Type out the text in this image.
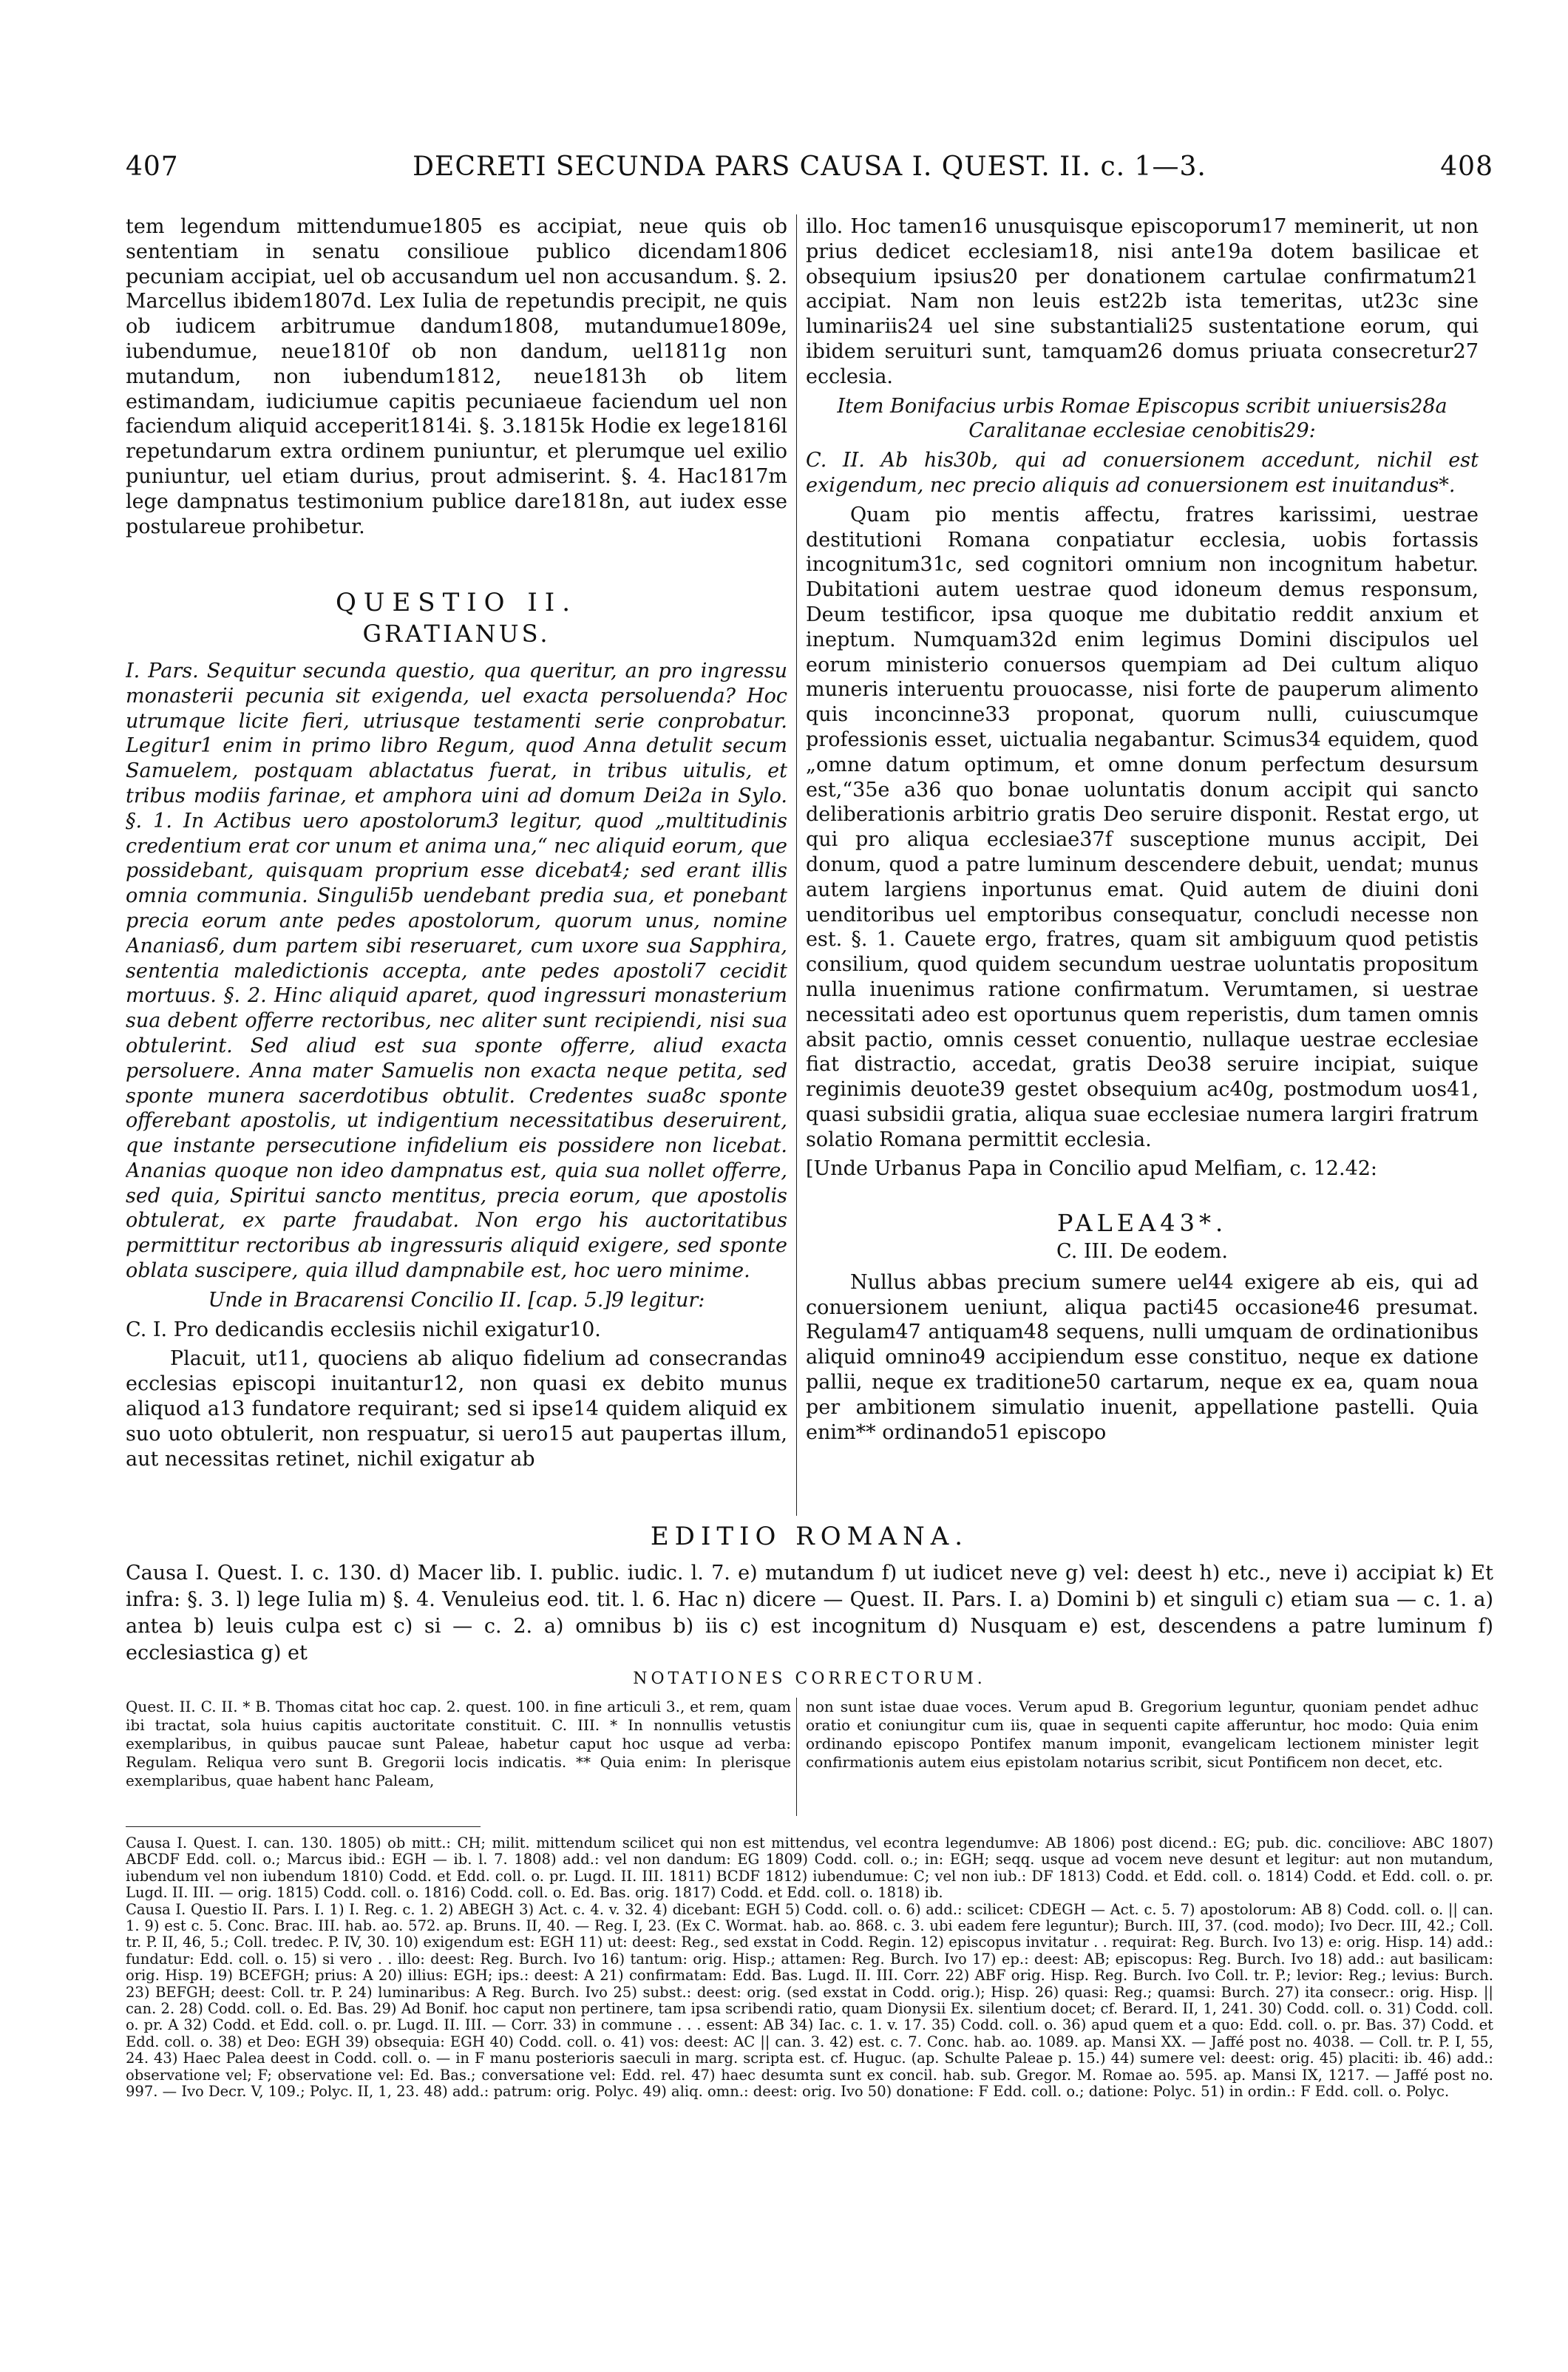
407	DECRETI SECUNDA PARS CAUSA I. QUEST. II. c. 1—3.	408

tem legendum mittendumue1805 es accipiat, neue quis ob sententiam in senatu consilioue publico dicendam1806 pecuniam accipiat, uel ob accusandum uel non accusandum. §. 2. Marcellus ibidem1807d. Lex Iulia de repetundis precipit, ne quis ob iudicem arbitrumue dandum1808, mutandumue1809e, iubendumue, neue1810f ob non dandum, uel1811g non mutandum, non iubendum1812, neue1813h ob litem estimandam, iudiciumue capitis pecuniaeue faciendum uel non faciendum aliquid acceperit1814i. §. 3.1815k Hodie ex lege1816l repetundarum extra ordinem puniuntur, et plerumque uel exilio puniuntur, uel etiam durius, prout admiserint. §. 4. Hac1817m lege dampnatus testimonium publice dare1818n, aut iudex esse postulareue prohibetur.

QUESTIO II.
GRATIANUS.

I. Pars. Sequitur secunda questio, qua queritur, an pro ingressu monasterii pecunia sit exigenda, uel exacta persoluenda? Hoc utrumque licite fieri, utriusque testamenti serie conprobatur. Legitur1 enim in primo libro Regum, quod Anna detulit secum Samuelem, postquam ablactatus fuerat, in tribus uitulis, et tribus modiis farinae, et amphora uini ad domum Dei2a in Sylo. §. 1. In Actibus uero apostolorum3 legitur, quod „multitudinis credentium erat cor unum et anima una,“ nec aliquid eorum, que possidebant, quisquam proprium esse dicebat4; sed erant illis omnia communia. Singuli5b uendebant predia sua, et ponebant precia eorum ante pedes apostolorum, quorum unus, nomine Ananias6, dum partem sibi reseruaret, cum uxore sua Sapphira, sententia maledictionis accepta, ante pedes apostoli7 cecidit mortuus. §. 2. Hinc aliquid aparet, quod ingressuri monasterium sua debent offerre rectoribus, nec aliter sunt recipiendi, nisi sua obtulerint. Sed aliud est sua sponte offerre, aliud exacta persoluere. Anna mater Samuelis non exacta neque petita, sed sponte munera sacerdotibus obtulit. Credentes sua8c sponte offerebant apostolis, ut indigentium necessitatibus deseruirent, que instante persecutione infidelium eis possidere non licebat. Ananias quoque non ideo dampnatus est, quia sua nollet offerre, sed quia, Spiritui sancto mentitus, precia eorum, que apostolis obtulerat, ex parte fraudabat. Non ergo his auctoritatibus permittitur rectoribus ab ingressuris aliquid exigere, sed sponte oblata suscipere, quia illud dampnabile est, hoc uero minime.

Unde in Bracarensi Concilio II. [cap. 5.]9 legitur:

C. I. Pro dedicandis ecclesiis nichil exigatur10.

Placuit, ut11, quociens ab aliquo fidelium ad consecrandas ecclesias episcopi inuitantur12, non quasi ex debito munus aliquod a13 fundatore requirant; sed si ipse14 quidem aliquid ex suo uoto obtulerit, non respuatur, si uero15 aut paupertas illum, aut necessitas retinet, nichil exigatur ab

illo. Hoc tamen16 unusquisque episcoporum17 meminerit, ut non prius dedicet ecclesiam18, nisi ante19a dotem basilicae et obsequium ipsius20 per donationem cartulae confirmatum21 accipiat. Nam non leuis est22b ista temeritas, ut23c sine luminariis24 uel sine substantiali25 sustentatione eorum, qui ibidem seruituri sunt, tamquam26 domus priuata consecretur27 ecclesia.

Item Bonifacius urbis Romae Episcopus scribit uniuersis28a Caralitanae ecclesiae cenobitis29:

C. II. Ab his30b, qui ad conuersionem accedunt, nichil est exigendum, nec precio aliquis ad conuersionem est inuitandus*.

Quam pio mentis affectu, fratres karissimi, uestrae destitutioni Romana conpatiatur ecclesia, uobis fortassis incognitum31c, sed cognitori omnium non incognitum habetur. Dubitationi autem uestrae quod idoneum demus responsum, Deum testificor, ipsa quoque me dubitatio reddit anxium et ineptum. Numquam32d enim legimus Domini discipulos uel eorum ministerio conuersos quempiam ad Dei cultum aliquo muneris interuentu prouocasse, nisi forte de pauperum alimento quis inconcinne33 proponat, quorum nulli, cuiuscumque professionis esset, uictualia negabantur. Scimus34 equidem, quod „omne datum optimum, et omne donum perfectum desursum est,“35e a36 quo bonae uoluntatis donum accipit qui sancto deliberationis arbitrio gratis Deo seruire disponit. Restat ergo, ut qui pro aliqua ecclesiae37f susceptione munus accipit, Dei donum, quod a patre luminum descendere debuit, uendat; munus autem largiens inportunus emat. Quid autem de diuini doni uenditoribus uel emptoribus consequatur, concludi necesse non est. §. 1. Cauete ergo, fratres, quam sit ambiguum quod petistis consilium, quod quidem secundum uestrae uoluntatis propositum nulla inuenimus ratione confirmatum. Verumtamen, si uestrae necessitati adeo est oportunus quem reperistis, dum tamen omnis absit pactio, omnis cesset conuentio, nullaque uestrae ecclesiae fiat distractio, accedat, gratis Deo38 seruire incipiat, suique reginimis deuote39 gestet obsequium ac40g, postmodum uos41, quasi subsidii gratia, aliqua suae ecclesiae numera largiri fratrum solatio Romana permittit ecclesia.

[Unde Urbanus Papa in Concilio apud Melfiam, c. 12.42:

PALEA43*.
C. III. De eodem.

Nullus abbas precium sumere uel44 exigere ab eis, qui ad conuersionem ueniunt, aliqua pacti45 occasione46 presumat. Regulam47 antiquam48 sequens, nulli umquam de ordinationibus aliquid omnino49 accipiendum esse constituo, neque ex datione pallii, neque ex traditione50 cartarum, neque ex ea, quam noua per ambitionem simulatio inuenit, appellatione pastelli. Quia enim** ordinando51 episcopo

EDITIO ROMANA.
Causa I. Quest. I. c. 130. d) Macer lib. I. public. iudic. l. 7. e) mutandum f) ut iudicet neve g) vel: deest h) etc., neve i) accipiat k) Et infra: §. 3. l) lege Iulia m) §. 4. Venuleius eod. tit. l. 6. Hac n) dicere — Quest. II. Pars. I. a) Domini b) et singuli c) etiam sua — c. 1. a) antea b) leuis culpa est c) si — c. 2. a) omnibus b) iis c) est incognitum d) Nusquam e) est, descendens a patre luminum f) ecclesiastica g) et
NOTATIONES CORRECTORUM.
Quest. II. C. II. * B. Thomas citat hoc cap. 2. quest. 100. in fine articuli 3., et rem, quam ibi tractat, sola huius capitis auctoritate constituit. C. III. * In nonnullis vetustis exemplaribus, in quibus paucae sunt Paleae, habetur caput hoc usque ad verba: Regulam. Reliqua vero sunt B. Gregorii locis indicatis. ** Quia enim: In plerisque exemplaribus, quae habent hanc Paleam,
non sunt istae duae voces. Verum apud B. Gregorium leguntur, quoniam pendet adhuc oratio et coniungitur cum iis, quae in sequenti capite afferuntur, hoc modo: Quia enim ordinando episcopo Pontifex manum imponit, evangelicam lectionem minister legit confirmationis autem eius epistolam notarius scribit, sicut Pontificem non decet, etc.

Causa I. Quest. I. can. 130. 1805) ob mitt.: CH; milit. mittendum scilicet qui non est mittendus, vel econtra legendumve: AB 1806) post dicend.: EG; pub. dic. conciliove: ABC 1807) ABCDF Edd. coll. o.; Marcus ibid.: EGH — ib. l. 7. 1808) add.: vel non dandum: EG 1809) Codd. coll. o.; in: EGH; seqq. usque ad vocem neve desunt et legitur: aut non mutandum, iubendum vel non iubendum 1810) Codd. et Edd. coll. o. pr. Lugd. II. III. 1811) BCDF 1812) iubendumue: C; vel non iub.: DF 1813) Codd. et Edd. coll. o. 1814) Codd. et Edd. coll. o. pr. Lugd. II. III. — orig. 1815) Codd. coll. o. 1816) Codd. coll. o. Ed. Bas. orig. 1817) Codd. et Edd. coll. o. 1818) ib.

Causa I. Questio II. Pars. I. 1) I. Reg. c. 1. 2) ABEGH 3) Act. c. 4. v. 32. 4) dicebant: EGH 5) Codd. coll. o. 6) add.: scilicet: CDEGH — Act. c. 5. 7) apostolorum: AB 8) Codd. coll. o. || can. 1. 9) est c. 5. Conc. Brac. III. hab. ao. 572. ap. Bruns. II, 40. — Reg. I, 23. (Ex C. Wormat. hab. ao. 868. c. 3. ubi eadem fere leguntur); Burch. III, 37. (cod. modo); Ivo Decr. III, 42.; Coll. tr. P. II, 46, 5.; Coll. tredec. P. IV, 30. 10) exigendum est: EGH 11) ut: deest: Reg., sed exstat in Codd. Regin. 12) episcopus invitatur . . requirat: Reg. Burch. Ivo 13) e: orig. Hisp. 14) add.: fundatur: Edd. coll. o. 15) si vero . . illo: deest: Reg. Burch. Ivo 16) tantum: orig. Hisp.; attamen: Reg. Burch. Ivo 17) ep.: deest: AB; episcopus: Reg. Burch. Ivo 18) add.: aut basilicam: orig. Hisp. 19) BCEFGH; prius: A 20) illius: EGH; ips.: deest: A 21) confirmatam: Edd. Bas. Lugd. II. III. Corr. 22) ABF orig. Hisp. Reg. Burch. Ivo Coll. tr. P.; levior: Reg.; levius: Burch. 23) BEFGH; deest: Coll. tr. P. 24) luminaribus: A Reg. Burch. Ivo 25) subst.: deest: orig. (sed exstat in Codd. orig.); Hisp. 26) quasi: Reg.; quamsi: Burch. 27) ita consecr.: orig. Hisp. || can. 2. 28) Codd. coll. o. Ed. Bas. 29) Ad Bonif. hoc caput non pertinere, tam ipsa scribendi ratio, quam Dionysii Ex. silentium docet; cf. Berard. II, 1, 241. 30) Codd. coll. o. 31) Codd. coll. o. pr. A 32) Codd. et Edd. coll. o. pr. Lugd. II. III. — Corr. 33) in commune . . . essent: AB 34) Iac. c. 1. v. 17. 35) Codd. coll. o. 36) apud quem et a quo: Edd. coll. o. pr. Bas. 37) Codd. et Edd. coll. o. 38) et Deo: EGH 39) obsequia: EGH 40) Codd. coll. o. 41) vos: deest: AC || can. 3. 42) est. c. 7. Conc. hab. ao. 1089. ap. Mansi XX. — Jaffé post no. 4038. — Coll. tr. P. I, 55, 24. 43) Haec Palea deest in Codd. coll. o. — in F manu posterioris saeculi in marg. scripta est. cf. Huguc. (ap. Schulte Paleae p. 15.) 44) sumere vel: deest: orig. 45) placiti: ib. 46) add.: observatione vel; F; observatione vel: Ed. Bas.; conversatione vel: Edd. rel. 47) haec desumta sunt ex concil. hab. sub. Gregor. M. Romae ao. 595. ap. Mansi IX, 1217. — Jaffé post no. 997. — Ivo Decr. V, 109.; Polyc. II, 1, 23. 48) add.: patrum: orig. Polyc. 49) aliq. omn.: deest: orig. Ivo 50) donatione: F Edd. coll. o.; datione: Polyc. 51) in ordin.: F Edd. coll. o. Polyc.
